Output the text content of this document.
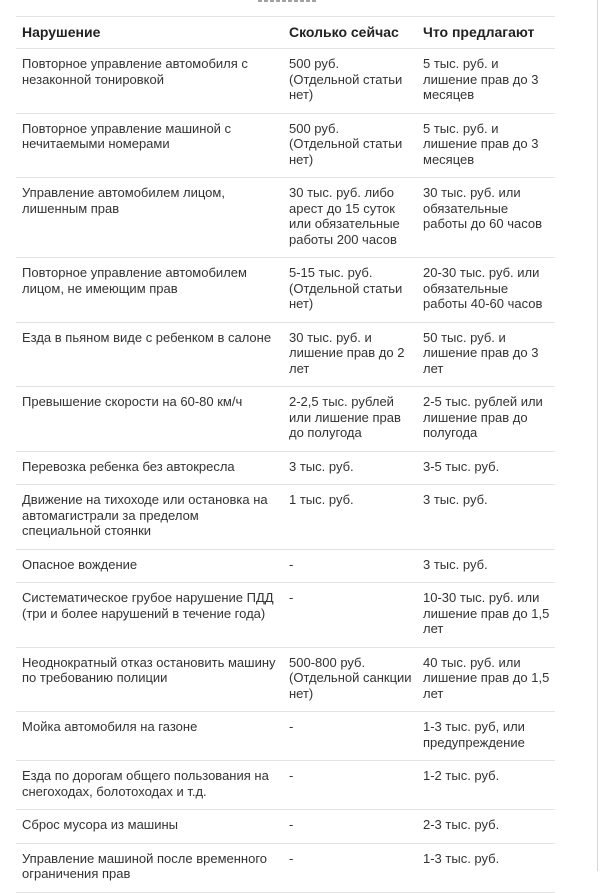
Нарушение	Сколько сейчас	Что предлагают
Повторное управление автомобиля с незаконной тонировкой	500 руб. (Отдельной статьи нет)	5 тыс. руб. и лишение прав до 3 месяцев
Повторное управление машиной с нечитаемыми номерами	500 руб. (Отдельной статьи нет)	5 тыс. руб. и лишение прав до 3 месяцев
Управление автомобилем лицом, лишенным прав	30 тыс. руб. либо арест до 15 суток или обязательные работы 200 часов	30 тыс. руб. или обязательные работы до 60 часов
Повторное управление автомобилем лицом, не имеющим прав	5-15 тыс. руб. (Отдельной статьи нет)	20-30 тыс. руб. или обязательные работы 40-60 часов
Езда в пьяном виде с ребенком в салоне	30 тыс. руб. и лишение прав до 2 лет	50 тыс. руб. и лишение прав до 3 лет
Превышение скорости на 60-80 км/ч	2-2,5 тыс. рублей или лишение прав до полугода	2-5 тыс. рублей или лишение прав до полугода
Перевозка ребенка без автокресла	3 тыс. руб.	3-5 тыс. руб.
Движение на тихоходе или остановка на автомагистрали за пределом специальной стоянки	1 тыс. руб.	3 тыс. руб.
Опасное вождение	-	3 тыс. руб.
Систематическое грубое нарушение ПДД (три и более нарушений в течение года)	-	10-30 тыс. руб. или лишение прав до 1,5 лет
Неоднократный отказ остановить машину по требованию полиции	500-800 руб. (Отдельной санкции нет)	40 тыс. руб. или лишение прав до 1,5 лет
Мойка автомобиля на газоне	-	1-3 тыс. руб, или предупреждение
Езда по дорогам общего пользования на снегоходах, болотоходах и т.д.	-	1-2 тыс. руб.
Сброс мусора из машины	-	2-3 тыс. руб.
Управление машиной после временного ограничения прав	-	1-3 тыс. руб.
